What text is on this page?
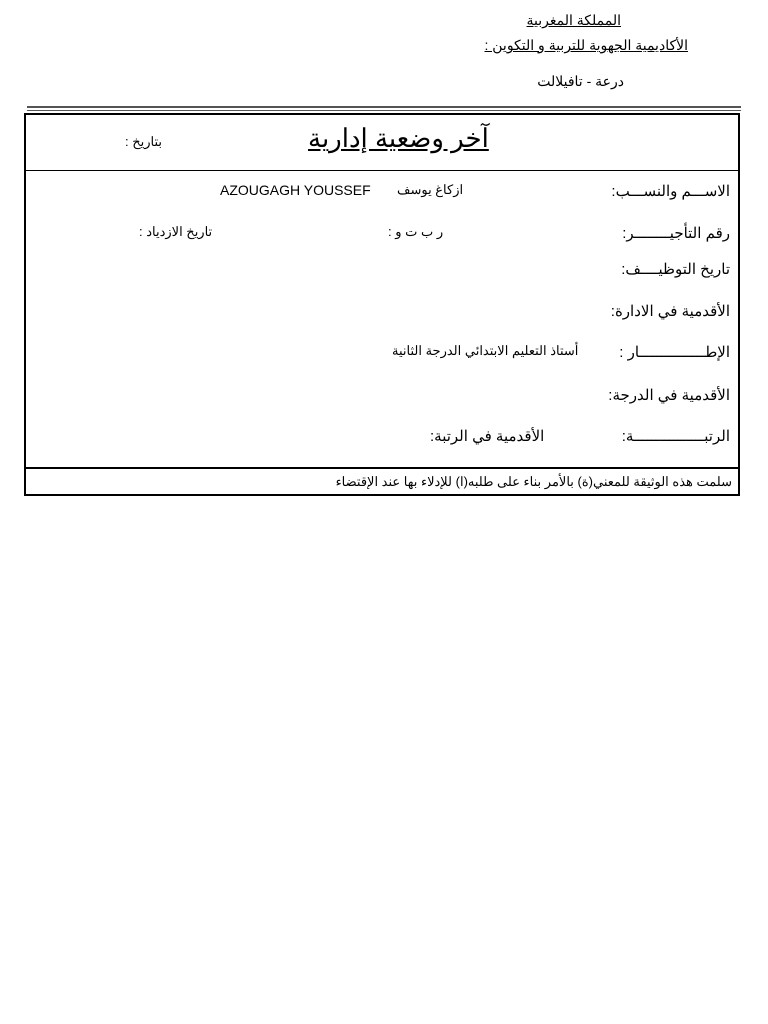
المملكة المغربية
الأكاديمية الجهوية للتربية و التكوين :
درعة - تافيلالت
آخر وضعية إدارية
بتاريخ :
الاســـم والنســـب:
ازكاغ يوسف
AZOUGAGH YOUSSEF
رقم التأجيــــــــر:
ر ب ت و :
تاريخ الازدياد :
تاريخ التوظيــــف:
الأقدمية في الادارة:
الإطـــــــــــــــار :
أستاذ التعليم الابتدائي الدرجة الثانية
الأقدمية في الدرجة:
الرتبــــــــــــــــة:
الأقدمية في الرتبة:
سلمت هذه الوثيقة للمعني(ة) بالأمر بناء على طلبه(ا) للإدلاء بها عند الإقتضاء
